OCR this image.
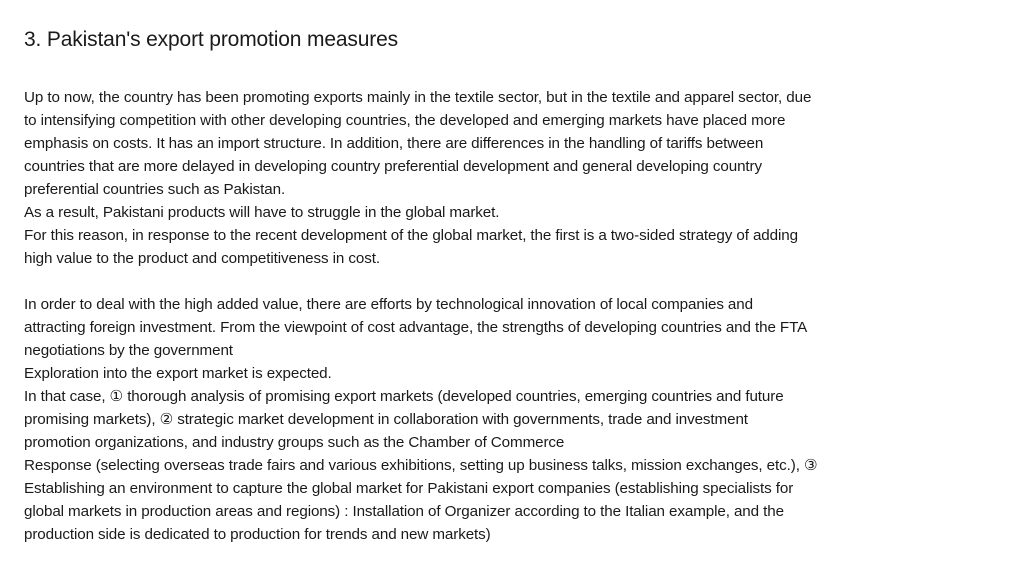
3. Pakistan's export promotion measures
Up to now, the country has been promoting exports mainly in the textile sector, but in the textile and apparel sector, due
to intensifying competition with other developing countries, the developed and emerging markets have placed more
emphasis on costs. It has an import structure. In addition, there are differences in the handling of tariffs between
countries that are more delayed in developing country preferential development and general developing country
preferential countries such as Pakistan.
As a result, Pakistani products will have to struggle in the global market.
For this reason, in response to the recent development of the global market, the first is a two-sided strategy of adding
high value to the product and competitiveness in cost.
In order to deal with the high added value, there are efforts by technological innovation of local companies and
attracting foreign investment. From the viewpoint of cost advantage, the strengths of developing countries and the FTA
negotiations by the government
Exploration into the export market is expected.
In that case, ① thorough analysis of promising export markets (developed countries, emerging countries and future
promising markets), ② strategic market development in collaboration with governments, trade and investment
promotion organizations, and industry groups such as the Chamber of Commerce
Response (selecting overseas trade fairs and various exhibitions, setting up business talks, mission exchanges, etc.), ③
Establishing an environment to capture the global market for Pakistani export companies (establishing specialists for
global markets in production areas and regions) : Installation of Organizer according to the Italian example, and the
production side is dedicated to production for trends and new markets)
